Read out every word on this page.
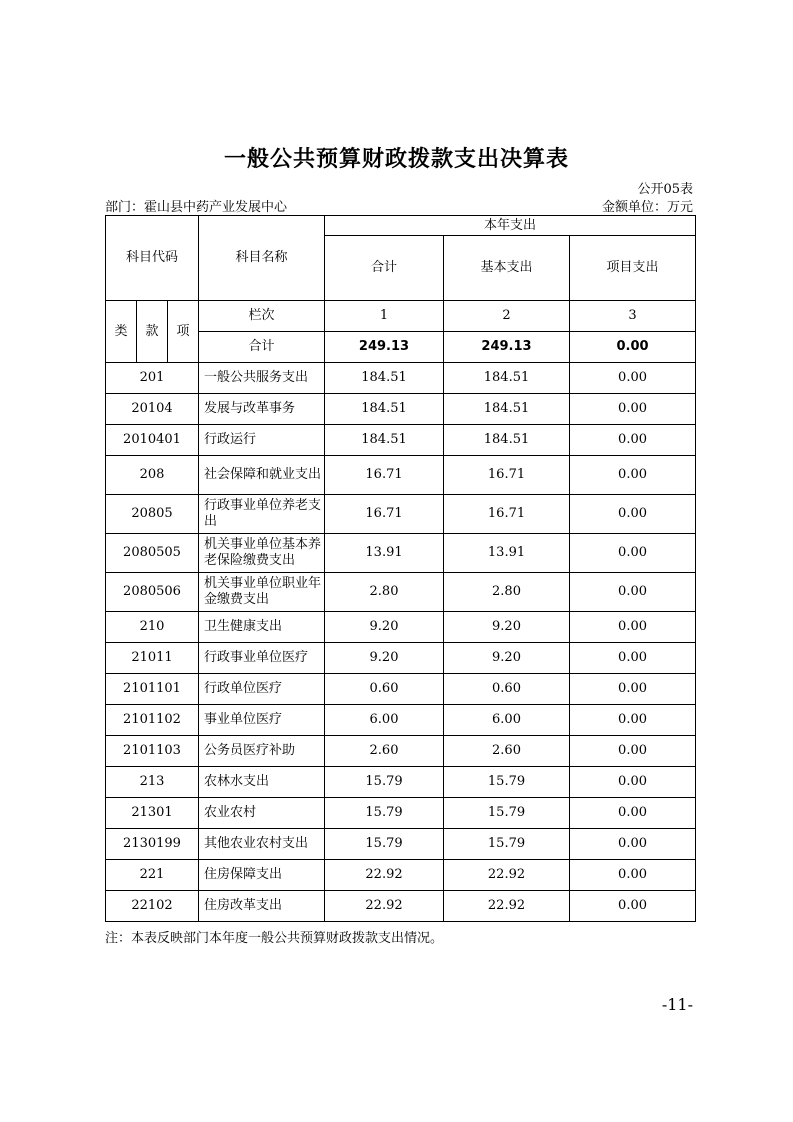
一般公共预算财政拨款支出决算表
公开05表
部门：霍山县中药产业发展中心	金额单位：万元
科目代码			科目名称	本年支出		
				合计	基本支出	项目支出
类	款	项	栏次	1	2	3
			合计	249.13	249.13	0.00
201			一般公共服务支出	184.51	184.51	0.00
20104			发展与改革事务	184.51	184.51	0.00
2010401			行政运行	184.51	184.51	0.00
208			社会保障和就业支出	16.71	16.71	0.00
20805			行政事业单位养老支出	16.71	16.71	0.00
2080505			机关事业单位基本养老保险缴费支出	13.91	13.91	0.00
2080506			机关事业单位职业年金缴费支出	2.80	2.80	0.00
210			卫生健康支出	9.20	9.20	0.00
21011			行政事业单位医疗	9.20	9.20	0.00
2101101			行政单位医疗	0.60	0.60	0.00
2101102			事业单位医疗	6.00	6.00	0.00
2101103			公务员医疗补助	2.60	2.60	0.00
213			农林水支出	15.79	15.79	0.00
21301			农业农村	15.79	15.79	0.00
2130199			其他农业农村支出	15.79	15.79	0.00
221			住房保障支出	22.92	22.92	0.00
22102			住房改革支出	22.92	22.92	0.00
注：本表反映部门本年度一般公共预算财政拨款支出情况。
-11-
